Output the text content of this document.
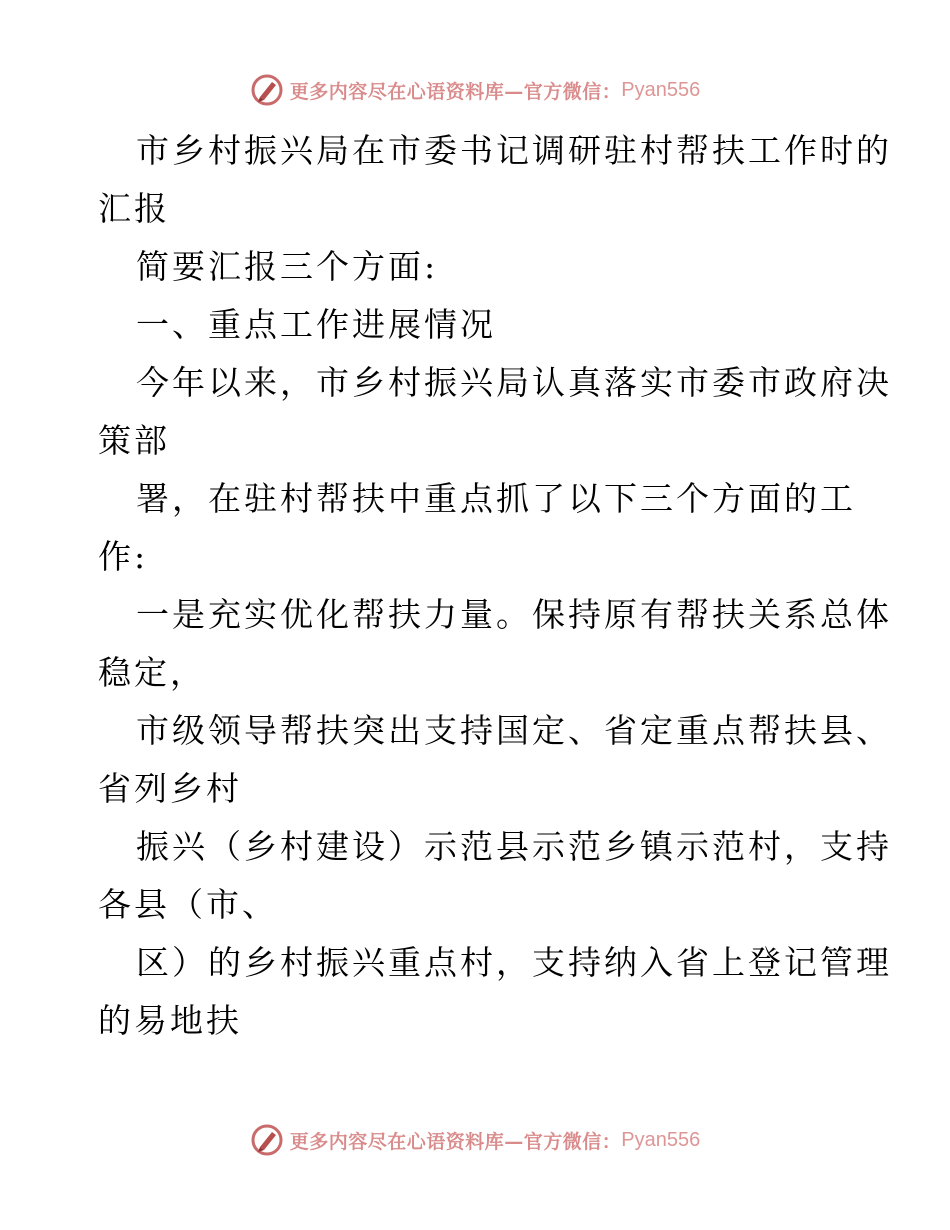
更多内容尽在心语资料库—官方微信： Pyan556
市乡村振兴局在市委书记调研驻村帮扶工作时的
汇报
简要汇报三个方面:
一、重点工作进展情况
今年以来，市乡村振兴局认真落实市委市政府决
策部
署，在驻村帮扶中重点抓了以下三个方面的工
作:
一是充实优化帮扶力量。保持原有帮扶关系总体
稳定，
市级领导帮扶突出支持国定、省定重点帮扶县、
省列乡村
振兴（乡村建设）示范县示范乡镇示范村，支持
各县（市、
区）的乡村振兴重点村，支持纳入省上登记管理
的易地扶
更多内容尽在心语资料库—官方微信： Pyan556
